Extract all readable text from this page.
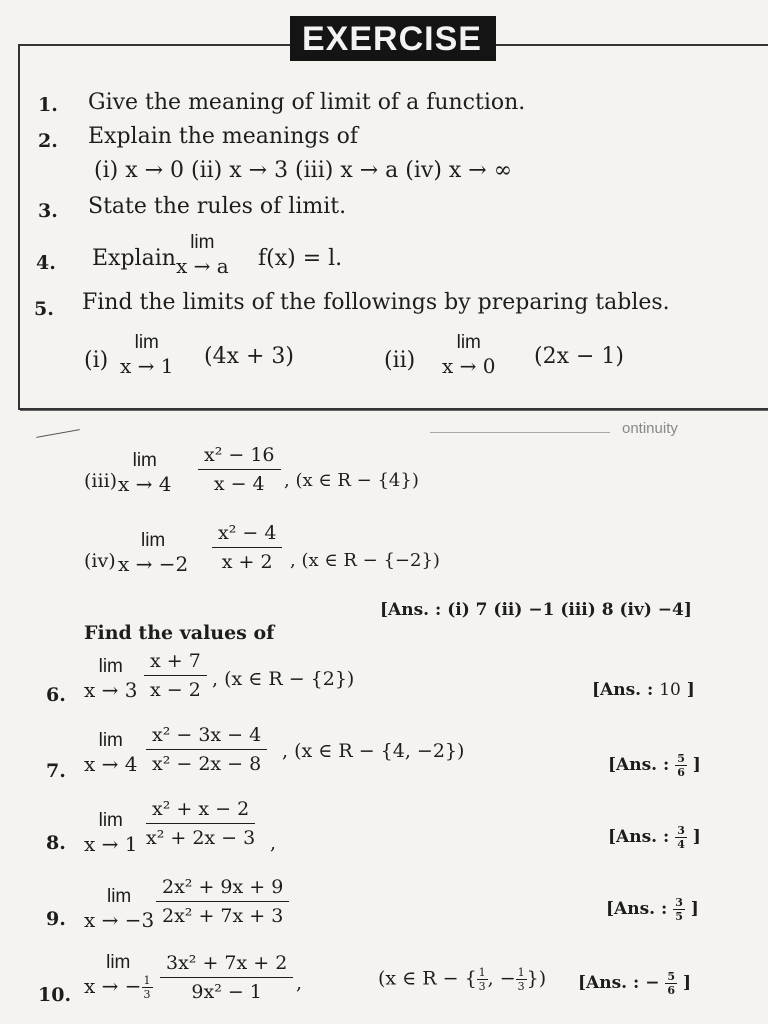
EXERCISE
ontinuity
1. Give the meaning of limit of a function.
2. Explain the meanings of
(i) x → 0 (ii) x → 3 (iii) x → a (iv) x → ∞
3. State the rules of limit.
4. Explain
lim
x → a f(x) = l.
5. Find the limits of the followings by preparing tables.
(i)
lim
x → 1 (4x + 3)	(ii)
lim
x → 0 (2x − 1)
(iii)
lim
$x \to 4 \frac{\text{x² − 16}}{x - 4}$ , (x ∈ R − {4})
(iv)
lim
$x \to -2 \frac{\text{x² − 4}}{x + 2}$ , (x ∈ R − {−2})
[Ans. : (i) 7 (ii) −1 (iii) 8 (iv) −4]
Find the values of
6.
lim
$x \to 3 \frac{x + 7}{x - 2}$ , (x ∈ R − {2})	[Ans. : 10 ]
7.
lim
$x \to 4 \frac{\text{x² − 3x − 4}}{\text{x² − 2x − 8}}$ , (x ∈ R − {4, −2})
[Ans. : $\frac{5}{6}$ ]
8.
lim
$x \to 1 \frac{\text{x² + x − 2}}{\text{x² + 2x − 3}}$ ,	[Ans. : $\frac{3}{4}$ ]
9.
lim
$x \to -3 \frac{\text{2x² + 9x + 9}}{\text{2x² + 7x + 3}}$	[Ans. : $\frac{3}{5}$ ]
10.
lim
x → − $\frac{1}{3} \frac{\text{3x² + 7x + 2}}{\text{9x² − 1}}$ ,	(x ∈ R − { $\frac{1}{3}$ , − $\frac{1}{3}$ }) [Ans. : − $\frac{5}{6}$ ]
